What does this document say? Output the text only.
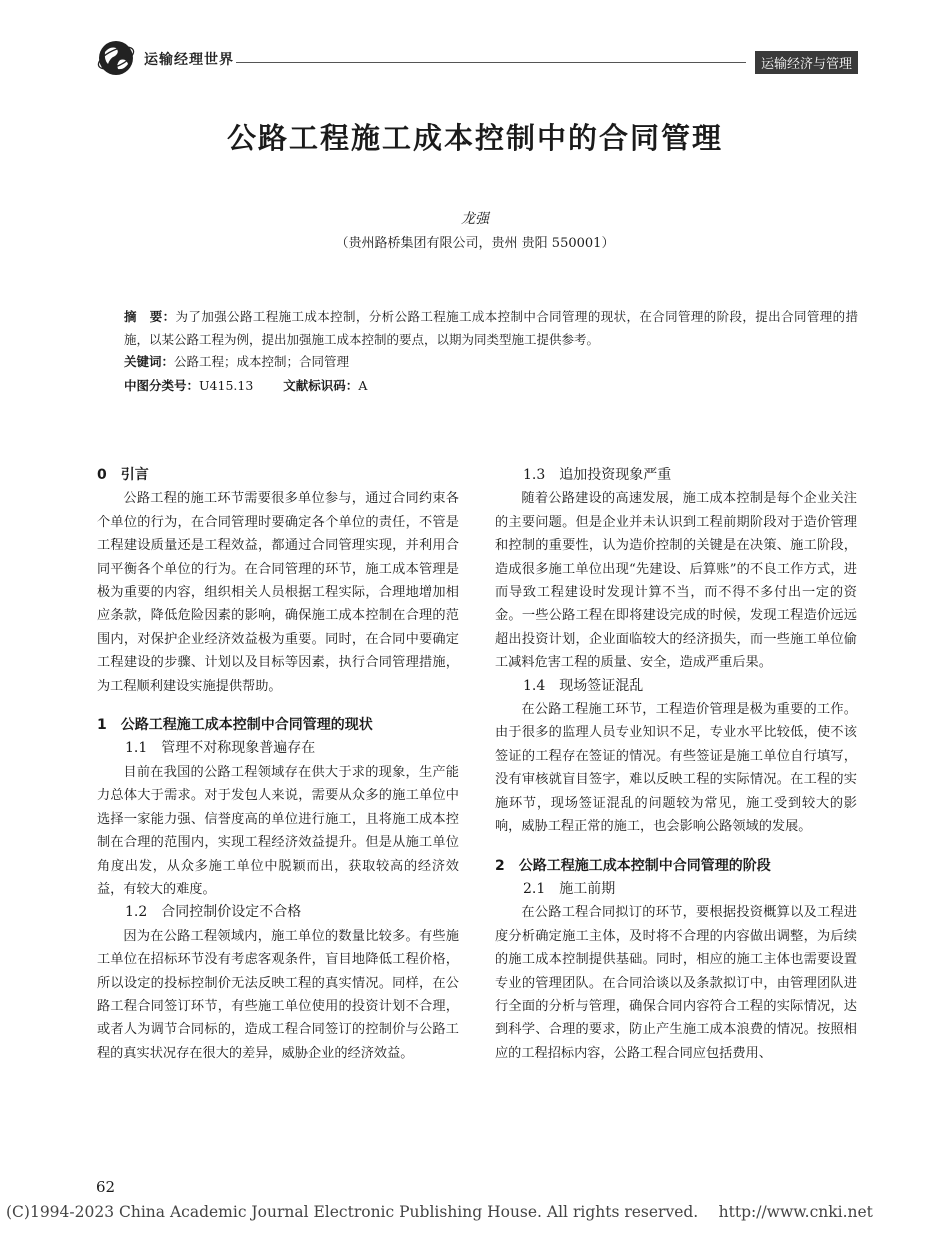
运输经理世界	运输经济与管理
公路工程施工成本控制中的合同管理
龙强
（贵州路桥集团有限公司，贵州 贵阳 550001）
摘　要：为了加强公路工程施工成本控制，分析公路工程施工成本控制中合同管理的现状，在合同管理的阶段，提出合同管理的措施，以某公路工程为例，提出加强施工成本控制的要点，以期为同类型施工提供参考。
关键词：公路工程；成本控制；合同管理
中图分类号：U415.13 文献标识码：A
0　引言

公路工程的施工环节需要很多单位参与，通过合同约束各个单位的行为，在合同管理时要确定各个单位的责任，不管是工程建设质量还是工程效益，都通过合同管理实现，并利用合同平衡各个单位的行为。在合同管理的环节，施工成本管理是极为重要的内容，组织相关人员根据工程实际，合理地增加相应条款，降低危险因素的影响，确保施工成本控制在合理的范围内，对保护企业经济效益极为重要。同时，在合同中要确定工程建设的步骤、计划以及目标等因素，执行合同管理措施，为工程顺利建设实施提供帮助。

1　公路工程施工成本控制中合同管理的现状
1.1　管理不对称现象普遍存在

目前在我国的公路工程领域存在供大于求的现象，生产能力总体大于需求。对于发包人来说，需要从众多的施工单位中选择一家能力强、信誉度高的单位进行施工，且将施工成本控制在合理的范围内，实现工程经济效益提升。但是从施工单位角度出发，从众多施工单位中脱颖而出，获取较高的经济效益，有较大的难度。

1.2　合同控制价设定不合格

因为在公路工程领域内，施工单位的数量比较多。有些施工单位在招标环节没有考虑客观条件，盲目地降低工程价格，所以设定的投标控制价无法反映工程的真实情况。同样，在公路工程合同签订环节，有些施工单位使用的投资计划不合理，或者人为调节合同标的，造成工程合同签订的控制价与公路工程的真实状况存在很大的差异，威胁企业的经济效益。

1.3　追加投资现象严重

随着公路建设的高速发展，施工成本控制是每个企业关注的主要问题。但是企业并未认识到工程前期阶段对于造价管理和控制的重要性，认为造价控制的关键是在决策、施工阶段，造成很多施工单位出现“先建设、后算账”的不良工作方式，进而导致工程建设时发现计算不当，而不得不多付出一定的资金。一些公路工程在即将建设完成的时候，发现工程造价远远超出投资计划，企业面临较大的经济损失，而一些施工单位偷工减料危害工程的质量、安全，造成严重后果。

1.4　现场签证混乱

在公路工程施工环节，工程造价管理是极为重要的工作。由于很多的监理人员专业知识不足，专业水平比较低，使不该签证的工程存在签证的情况。有些签证是施工单位自行填写，没有审核就盲目签字，难以反映工程的实际情况。在工程的实施环节，现场签证混乱的问题较为常见，施工受到较大的影响，威胁工程正常的施工，也会影响公路领域的发展。

2　公路工程施工成本控制中合同管理的阶段
2.1　施工前期

在公路工程合同拟订的环节，要根据投资概算以及工程进度分析确定施工主体，及时将不合理的内容做出调整，为后续的施工成本控制提供基础。同时，相应的施工主体也需要设置专业的管理团队。在合同洽谈以及条款拟订中，由管理团队进行全面的分析与管理，确保合同内容符合工程的实际情况，达到科学、合理的要求，防止产生施工成本浪费的情况。按照相应的工程招标内容，公路工程合同应包括费用、

62
(C)1994-2023 China Academic Journal Electronic Publishing House. All rights reserved.　 http://www.cnki.net
